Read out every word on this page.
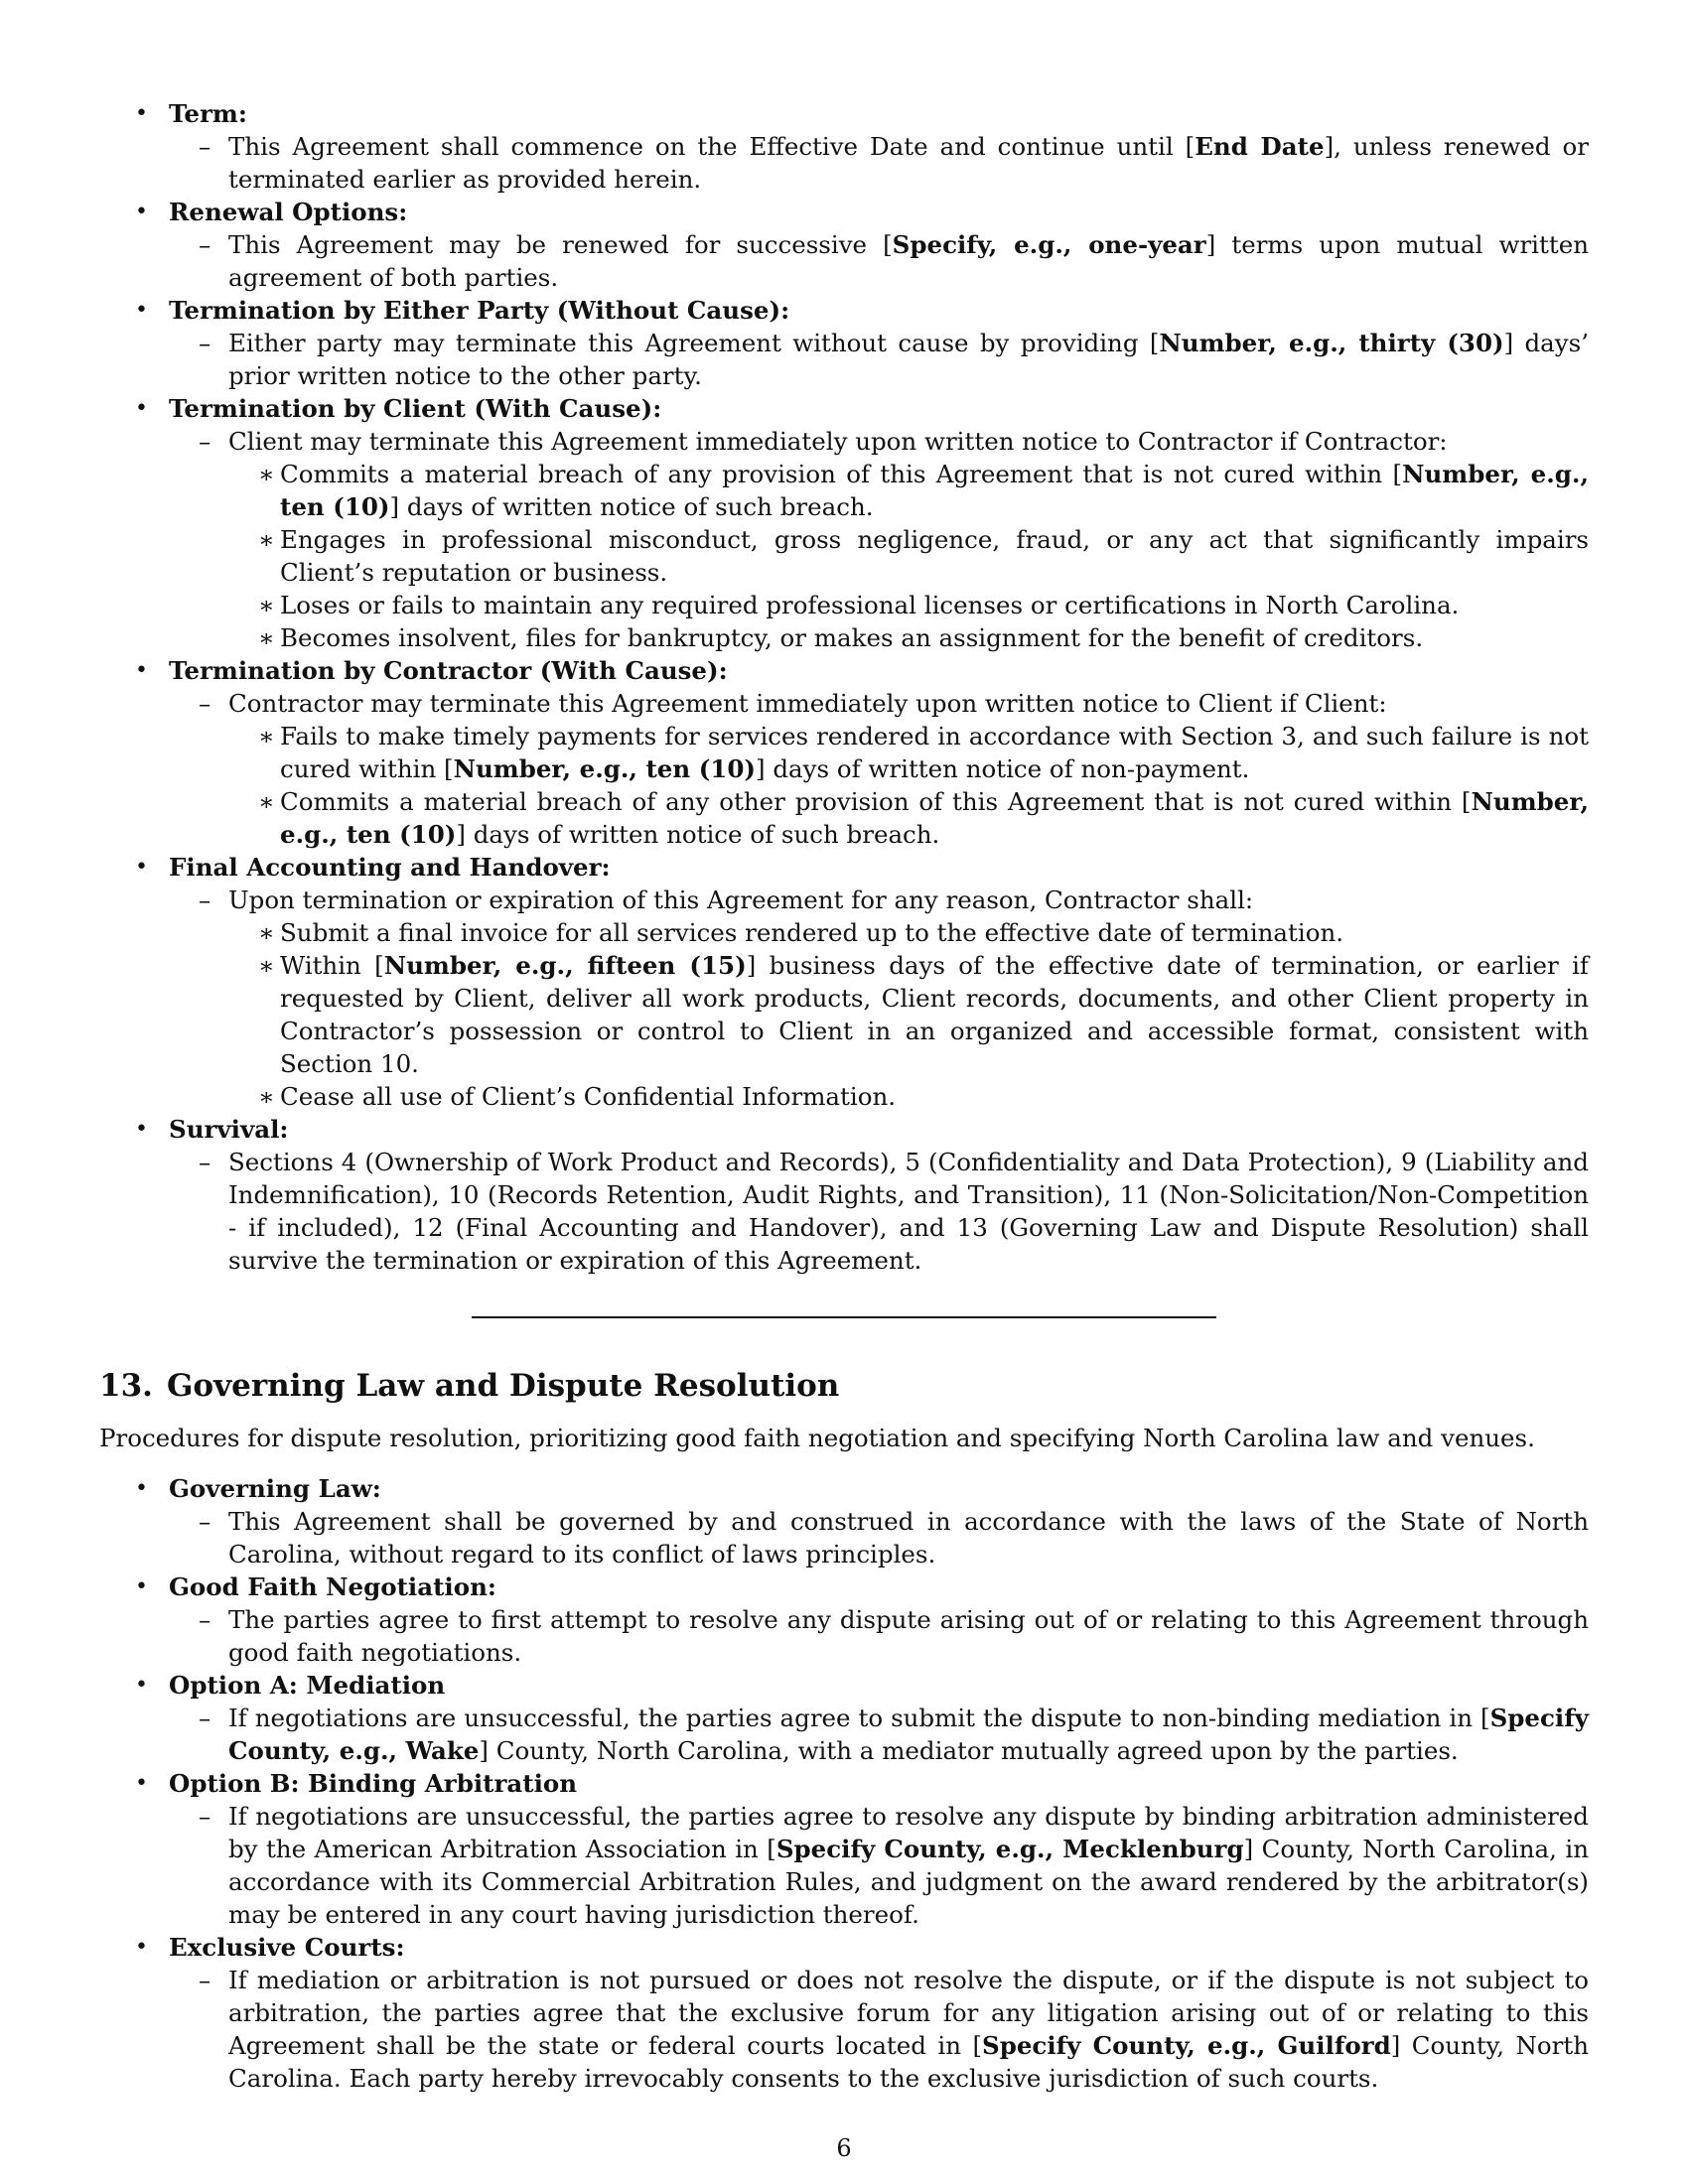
• Term:
– This Agreement shall commence on the Effective Date and continue until [End Date], unless renewed or terminated earlier as provided herein.
• Renewal Options:
– This Agreement may be renewed for successive [Specify, e.g., one-year] terms upon mutual written agreement of both parties.
• Termination by Either Party (Without Cause):
– Either party may terminate this Agreement without cause by providing [Number, e.g., thirty (30)] days’ prior written notice to the other party.
• Termination by Client (With Cause):
– Client may terminate this Agreement immediately upon written notice to Contractor if Contractor:
∗ Commits a material breach of any provision of this Agreement that is not cured within [Number, e.g., ten (10)] days of written notice of such breach.
∗ Engages in professional misconduct, gross negligence, fraud, or any act that significantly impairs Client’s reputation or business.
∗ Loses or fails to maintain any required professional licenses or certifications in North Carolina.
∗ Becomes insolvent, files for bankruptcy, or makes an assignment for the benefit of creditors.
• Termination by Contractor (With Cause):
– Contractor may terminate this Agreement immediately upon written notice to Client if Client:
∗ Fails to make timely payments for services rendered in accordance with Section 3, and such failure is not cured within [Number, e.g., ten (10)] days of written notice of non-payment.
∗ Commits a material breach of any other provision of this Agreement that is not cured within [Number, e.g., ten (10)] days of written notice of such breach.
• Final Accounting and Handover:
– Upon termination or expiration of this Agreement for any reason, Contractor shall:
∗ Submit a final invoice for all services rendered up to the effective date of termination.
∗ Within [Number, e.g., fifteen (15)] business days of the effective date of termination, or earlier if requested by Client, deliver all work products, Client records, documents, and other Client property in Contractor’s possession or control to Client in an organized and accessible format, consistent with Section 10.
∗ Cease all use of Client’s Confidential Information.
• Survival:
– Sections 4 (Ownership of Work Product and Records), 5 (Confidentiality and Data Protection), 9 (Liability and Indemnification), 10 (Records Retention, Audit Rights, and Transition), 11 (Non-Solicitation/Non-Competition - if included), 12 (Final Accounting and Handover), and 13 (Governing Law and Dispute Resolution) shall survive the termination or expiration of this Agreement.
13. Governing Law and Dispute Resolution
Procedures for dispute resolution, prioritizing good faith negotiation and specifying North Carolina law and venues.
• Governing Law:
– This Agreement shall be governed by and construed in accordance with the laws of the State of North Carolina, without regard to its conflict of laws principles.
• Good Faith Negotiation:
– The parties agree to first attempt to resolve any dispute arising out of or relating to this Agreement through good faith negotiations.
• Option A: Mediation
– If negotiations are unsuccessful, the parties agree to submit the dispute to non-binding mediation in [Specify County, e.g., Wake] County, North Carolina, with a mediator mutually agreed upon by the parties.
• Option B: Binding Arbitration
– If negotiations are unsuccessful, the parties agree to resolve any dispute by binding arbitration administered by the American Arbitration Association in [Specify County, e.g., Mecklenburg] County, North Carolina, in accordance with its Commercial Arbitration Rules, and judgment on the award rendered by the arbitrator(s) may be entered in any court having jurisdiction thereof.
• Exclusive Courts:
– If mediation or arbitration is not pursued or does not resolve the dispute, or if the dispute is not subject to arbitration, the parties agree that the exclusive forum for any litigation arising out of or relating to this Agreement shall be the state or federal courts located in [Specify County, e.g., Guilford] County, North Carolina. Each party hereby irrevocably consents to the exclusive jurisdiction of such courts.
6
